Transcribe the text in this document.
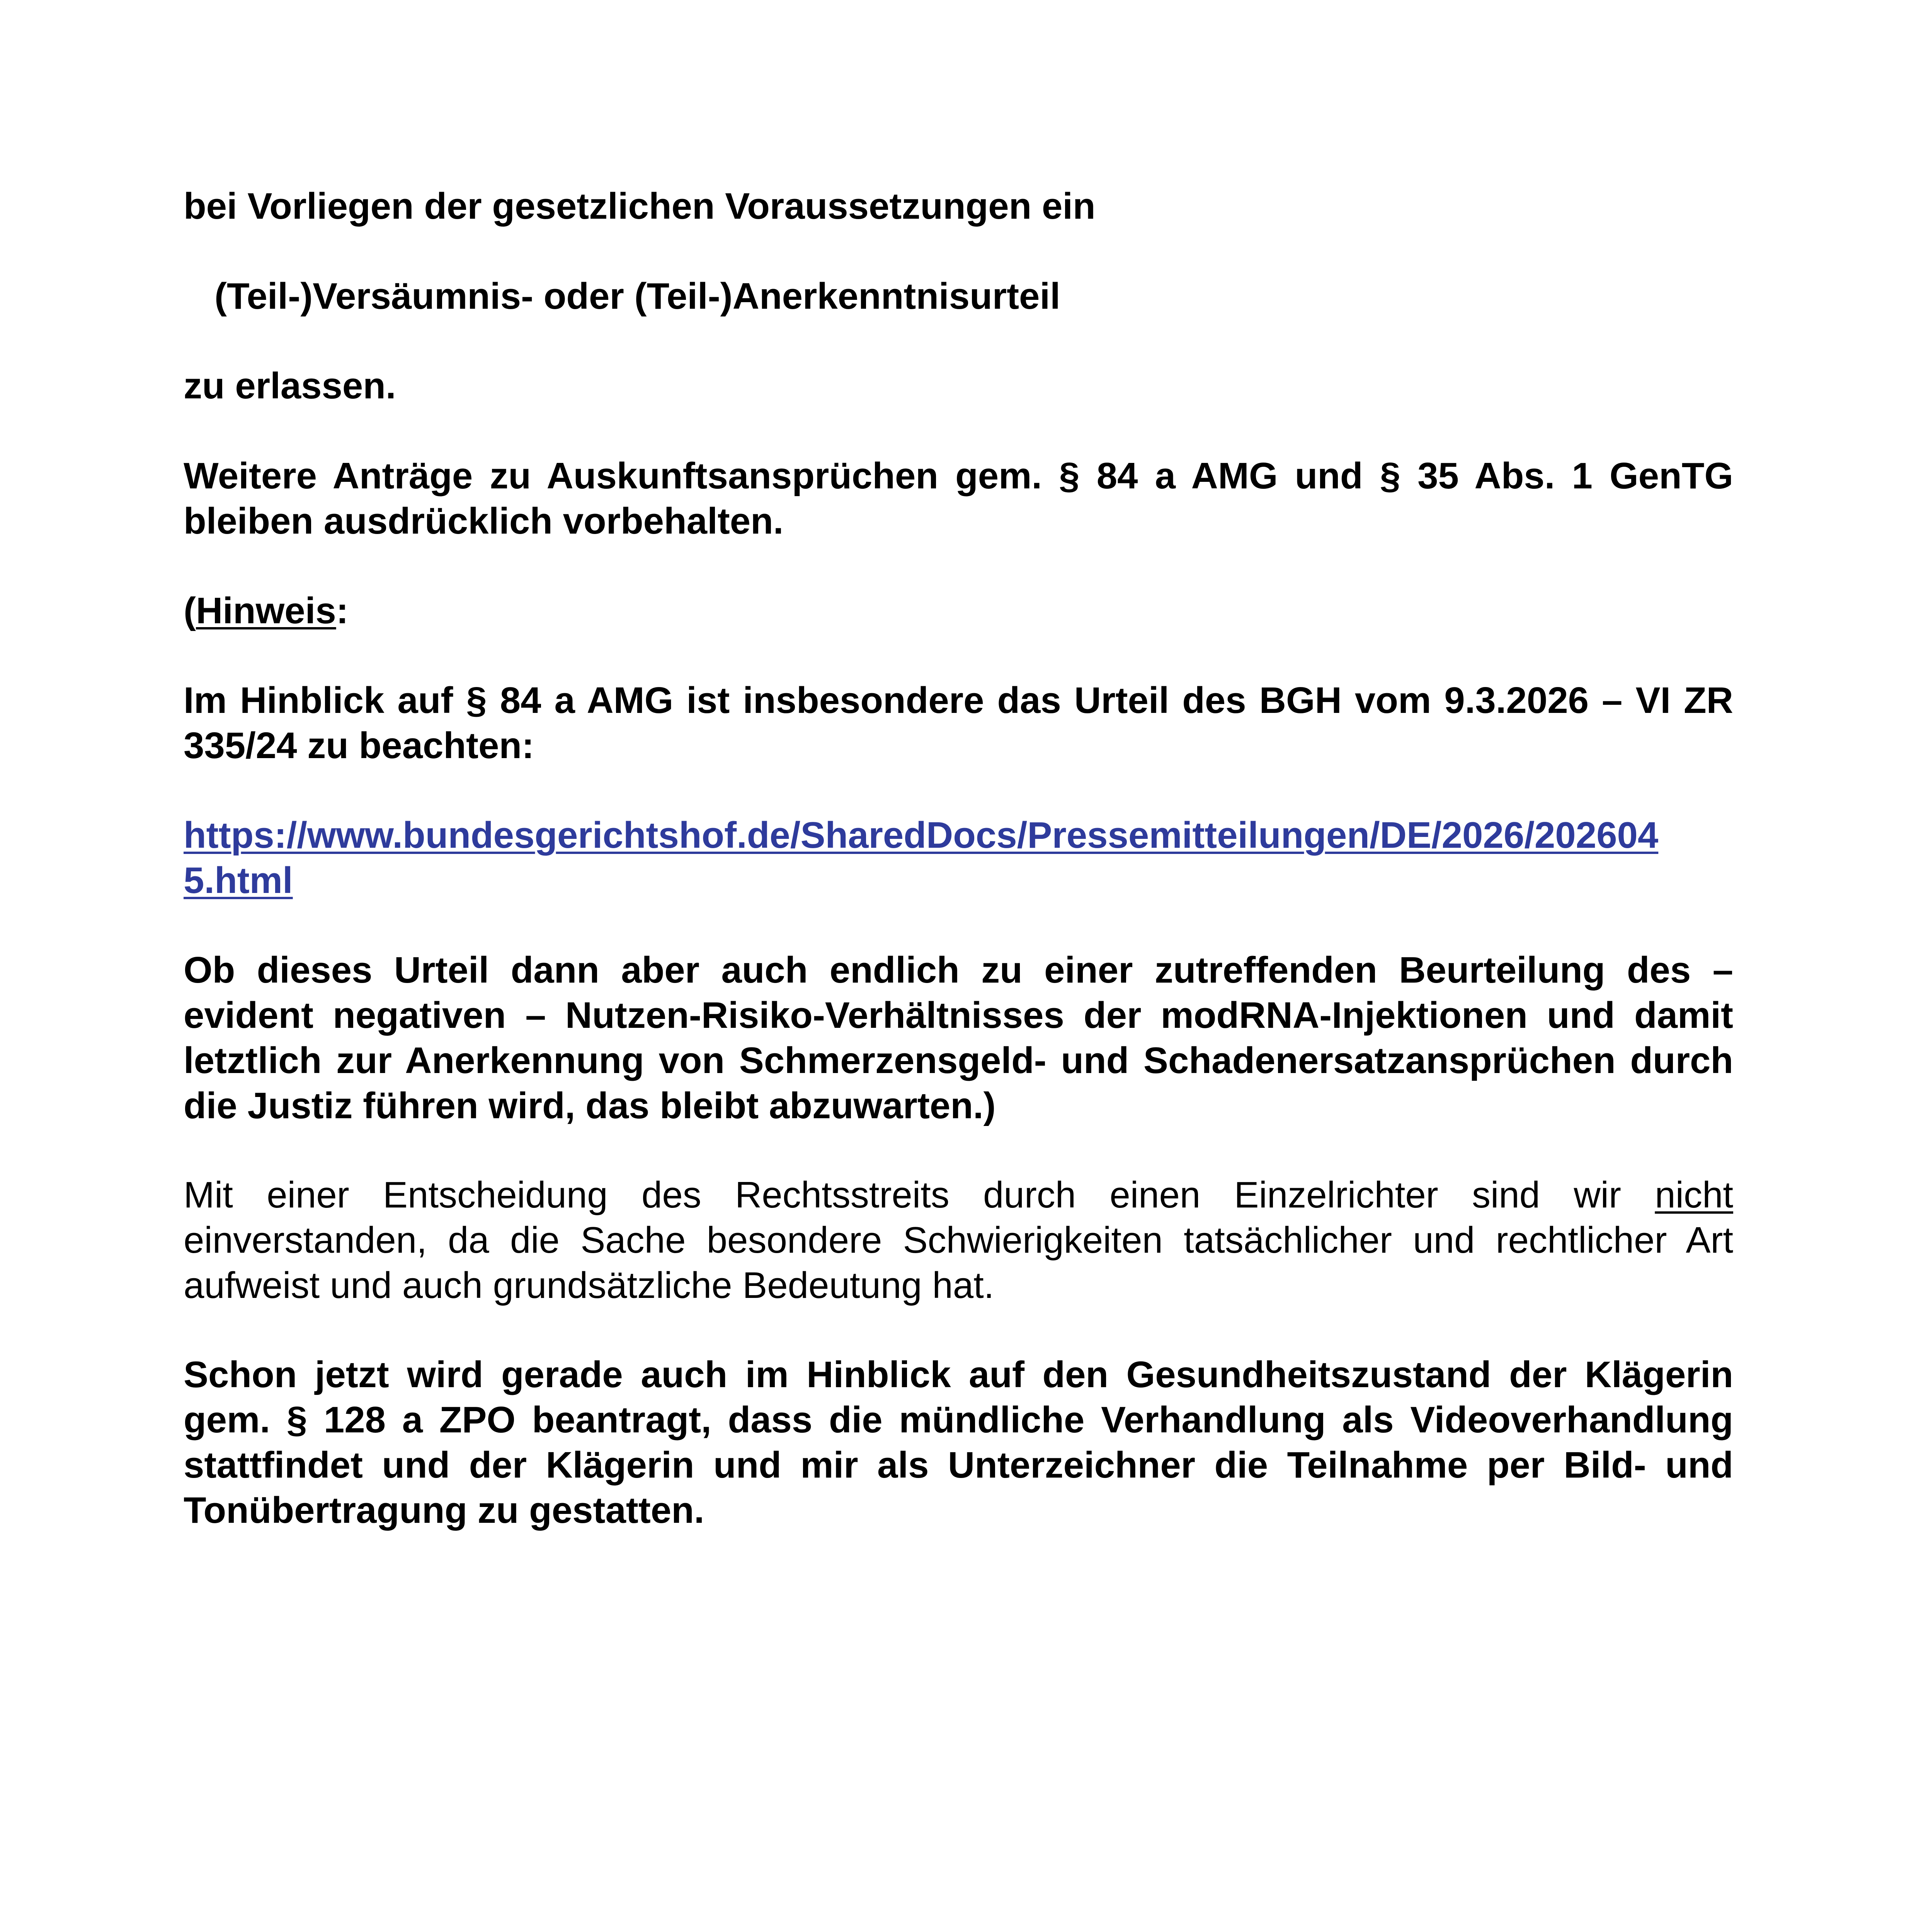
bei Vorliegen der gesetzlichen Voraussetzungen ein

(Teil-)Versäumnis- oder (Teil-)Anerkenntnisurteil

zu erlassen.

Weitere Anträge zu Auskunftsansprüchen gem. § 84 a AMG und § 35 Abs. 1 GenTG
bleiben ausdrücklich vorbehalten.

(Hinweis:

Im Hinblick auf § 84 a AMG ist insbesondere das Urteil des BGH vom 9.3.2026 – VI ZR
335/24 zu beachten:

https://www.bundesgerichtshof.de/SharedDocs/Pressemitteilungen/DE/2026/202604
5.html

Ob dieses Urteil dann aber auch endlich zu einer zutreffenden Beurteilung des – evident negativen – Nutzen-Risiko-Verhältnisses der modRNA-Injektionen und damit letztlich zur Anerkennung von Schmerzensgeld- und Schadenersatzansprüchen durch die Justiz führen wird, das bleibt abzuwarten.)

Mit einer Entscheidung des Rechtsstreits durch einen Einzelrichter sind wir nicht einverstanden, da die Sache besondere Schwierigkeiten tatsächlicher und rechtlicher Art aufweist und auch grundsätzliche Bedeutung hat.

Schon jetzt wird gerade auch im Hinblick auf den Gesundheitszustand der Klägerin gem. § 128 a ZPO beantragt, dass die mündliche Verhandlung als Videoverhandlung stattfindet und der Klägerin und mir als Unterzeichner die Teilnahme per Bild- und Tonübertragung zu gestatten.
